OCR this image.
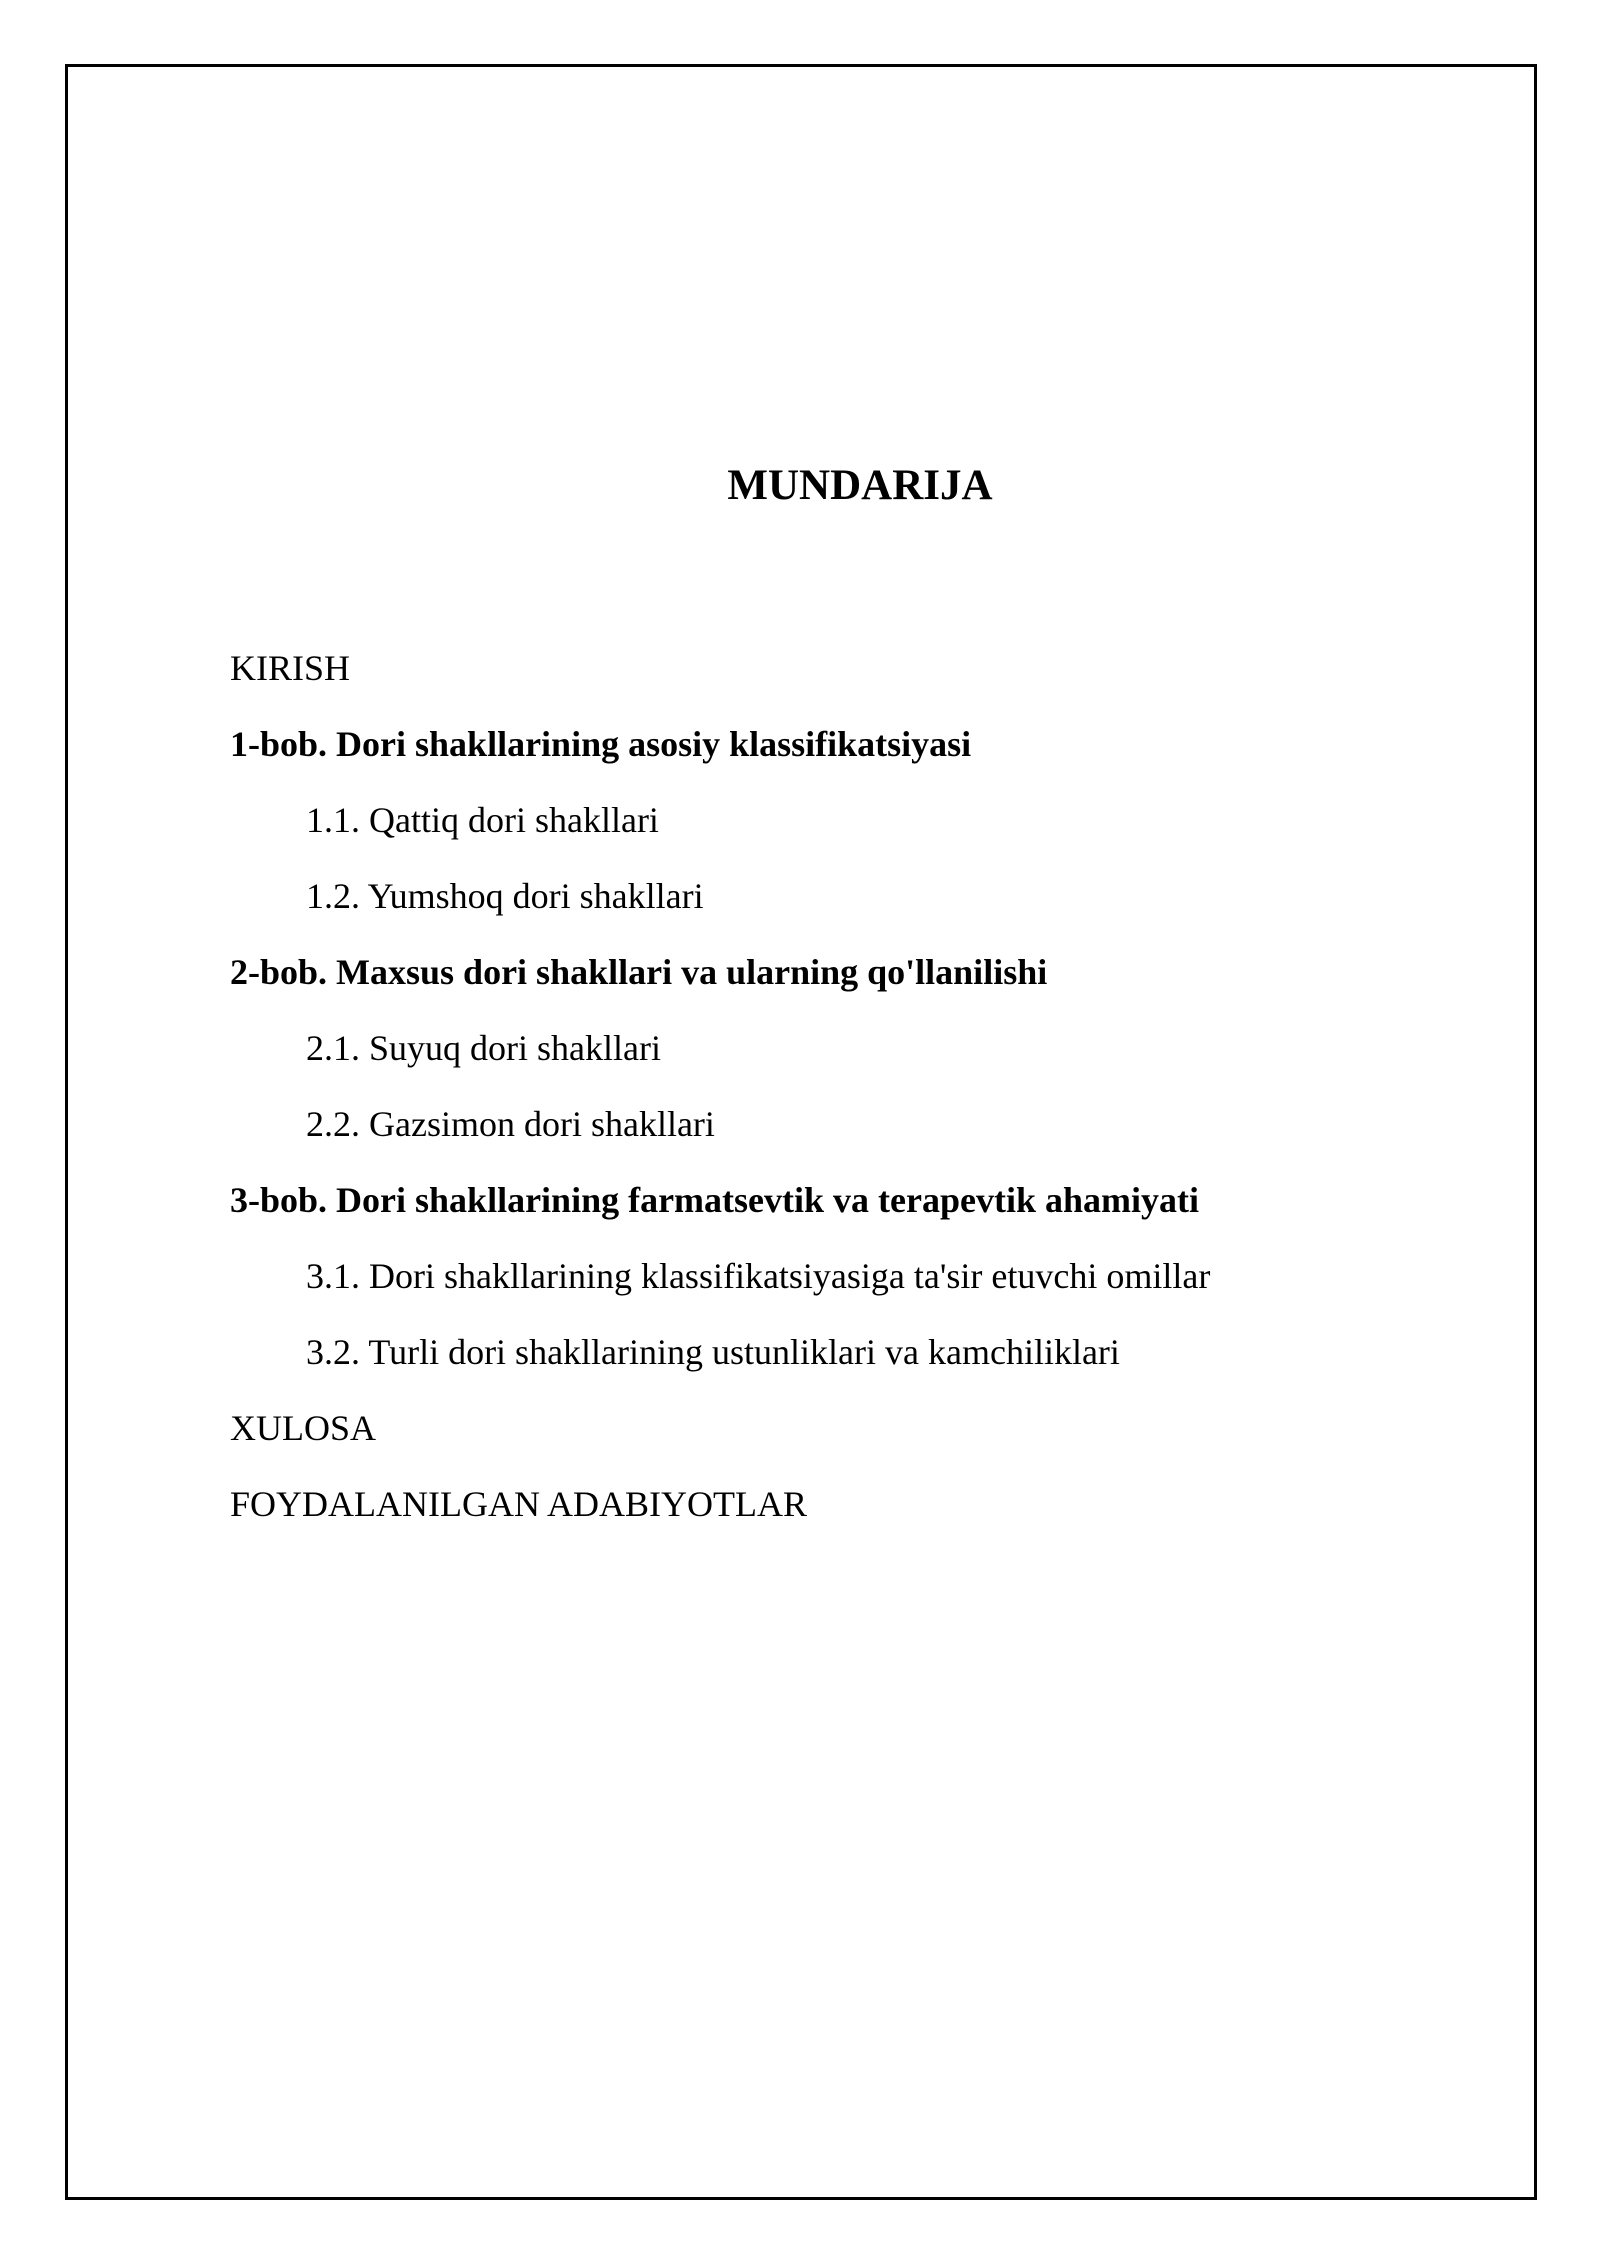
MUNDARIJA
KIRISH
1-bob. Dori shakllarining asosiy klassifikatsiyasi
1.1. Qattiq dori shakllari
1.2. Yumshoq dori shakllari
2-bob. Maxsus dori shakllari va ularning qo'llanilishi
2.1. Suyuq dori shakllari
2.2. Gazsimon dori shakllari
3-bob. Dori shakllarining farmatsevtik va terapevtik ahamiyati
3.1. Dori shakllarining klassifikatsiyasiga ta'sir etuvchi omillar
3.2. Turli dori shakllarining ustunliklari va kamchiliklari
XULOSA
FOYDALANILGAN ADABIYOTLAR
